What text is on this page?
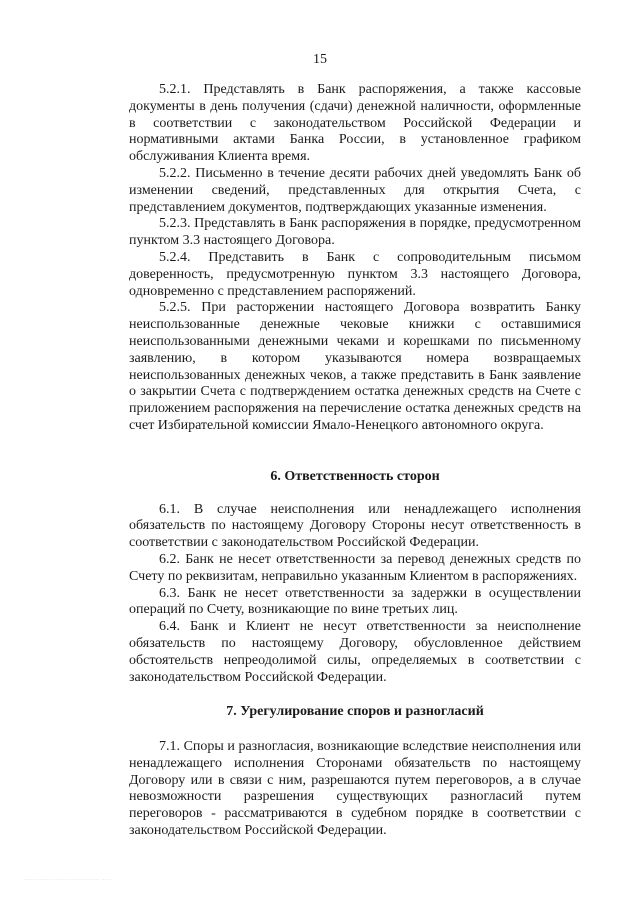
15

5.2.1. Представлять в Банк распоряжения, а также кассовые документы в день получения (сдачи) денежной наличности, оформленные в соответствии с законодательством Российской Федерации и нормативными актами Банка России, в установленное графиком обслуживания Клиента время.

5.2.2. Письменно в течение десяти рабочих дней уведомлять Банк об изменении сведений, представленных для открытия Счета, с представлением документов, подтверждающих указанные изменения.

5.2.3. Представлять в Банк распоряжения в порядке, предусмотренном пунктом 3.3 настоящего Договора.

5.2.4. Представить в Банк с сопроводительным письмом доверенность, предусмотренную пунктом 3.3 настоящего Договора, одновременно с представлением распоряжений.

5.2.5. При расторжении настоящего Договора возвратить Банку неиспользованные денежные чековые книжки с оставшимися неиспользованными денежными чеками и корешками по письменному заявлению, в котором указываются номера возвращаемых неиспользованных денежных чеков, а также представить в Банк заявление о закрытии Счета с подтверждением остатка денежных средств на Счете с приложением распоряжения на перечисление остатка денежных средств на счет Избирательной комиссии Ямало-Ненецкого автономного округа.

6. Ответственность сторон

6.1. В случае неисполнения или ненадлежащего исполнения обязательств по настоящему Договору Стороны несут ответственность в соответствии с законодательством Российской Федерации.

6.2. Банк не несет ответственности за перевод денежных средств по Счету по реквизитам, неправильно указанным Клиентом в распоряжениях.

6.3. Банк не несет ответственности за задержки в осуществлении операций по Счету, возникающие по вине третьих лиц.

6.4. Банк и Клиент не несут ответственности за неисполнение обязательств по настоящему Договору, обусловленное действием обстоятельств непреодолимой силы, определяемых в соответствии с законодательством Российской Федерации.

7. Урегулирование споров и разногласий

7.1. Споры и разногласия, возникающие вследствие неисполнения или ненадлежащего исполнения Сторонами обязательств по настоящему Договору или в связи с ним, разрешаются путем переговоров, а в случае невозможности разрешения существующих разногласий путем переговоров - рассматриваются в судебном порядке в соответствии с законодательством Российской Федерации.

…………… ……………………… ……
